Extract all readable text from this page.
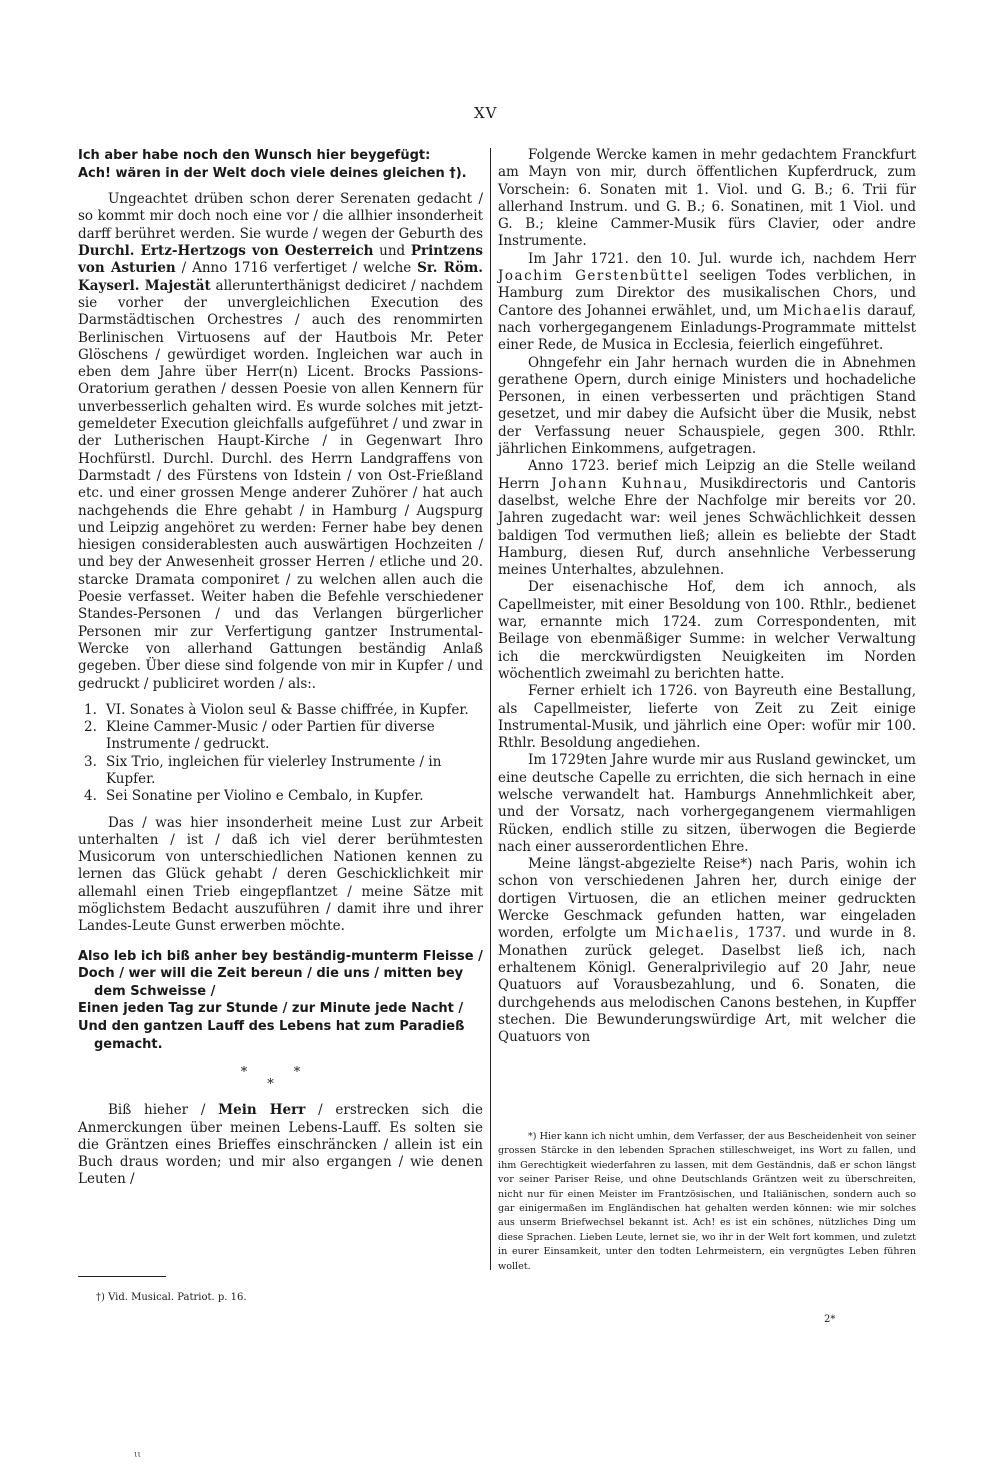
XV

Ich aber habe noch den Wunsch hier beygefügt:

Ach! wären in der Welt doch viele deines gleichen †).

Ungeachtet drüben schon derer Serenaten gedacht / so kommt mir doch noch eine vor / die allhier insonderheit darff berühret werden. Sie wurde / wegen der Geburth des Durchl. Ertz-Hertzogs von Oesterreich und Printzens von Asturien / Anno 1716 verfertiget / welche Sr. Röm. Kayserl. Majestät allerunterthänigst dediciret / nachdem sie vorher der unvergleichlichen Execution des Darmstädtischen Orchestres / auch des renommirten Berlinischen Virtuosens auf der Hautbois Mr. Peter Glöschens / gewürdiget worden. Ingleichen war auch in eben dem Jahre über Herr(n) Licent. Brocks Passions-Oratorium gerathen / dessen Poesie von allen Kennern für unverbesserlich gehalten wird. Es wurde solches mit jetzt-gemeldeter Execution gleichfalls aufgeführet / und zwar in der Lutherischen Haupt-Kirche / in Gegenwart Ihro Hochfürstl. Durchl. Durchl. des Herrn Landgraffens von Darmstadt / des Fürstens von Idstein / von Ost-Frießland etc. und einer grossen Menge anderer Zuhörer / hat auch nachgehends die Ehre gehabt / in Hamburg / Augspurg und Leipzig angehöret zu werden: Ferner habe bey denen hiesigen considerablesten auch auswärtigen Hochzeiten / und bey der Anwesenheit grosser Herren / etliche und 20. starcke Dramata componiret / zu welchen allen auch die Poesie verfasset. Weiter haben die Befehle verschiedener Standes-Personen / und das Verlangen bürgerlicher Personen mir zur Verfertigung gantzer Instrumental-Wercke von allerhand Gattungen beständig Anlaß gegeben. Über diese sind folgende von mir in Kupfer / und gedruckt / publiciret worden / als:.

1. VI. Sonates à Violon seul & Basse chiffrée, in Kupfer.
2. Kleine Cammer-Music / oder Partien für diverse Instrumente / gedruckt.
3. Six Trio, ingleichen für vielerley Instrumente / in Kupfer.
4. Sei Sonatine per Violino e Cembalo, in Kupfer.

Das / was hier insonderheit meine Lust zur Arbeit unterhalten / ist / daß ich viel derer berühmtesten Musicorum von unterschiedlichen Nationen kennen zu lernen das Glück gehabt / deren Geschicklichkeit mir allemahl einen Trieb eingepflantzet / meine Sätze mit möglichstem Bedacht auszuführen / damit ihre und ihrer Landes-Leute Gunst erwerben möchte.

Also leb ich biß anher bey beständig-munterm Fleisse /

Doch / wer will die Zeit bereun / die uns / mitten bey

dem Schweisse /

Einen jeden Tag zur Stunde / zur Minute jede Nacht /

Und den gantzen Lauff des Lebens hat zum Paradieß

gemacht.

***

Biß hieher / Mein Herr / erstrecken sich die Anmerckungen über meinen Lebens-Lauff. Es solten sie die Gräntzen eines Brieffes einschräncken / allein ist ein Buch draus worden; und mir also ergangen / wie denen Leuten /

†) Vid. Musical. Patriot. p. 16.

Folgende Wercke kamen in mehr gedachtem Franckfurt am Mayn von mir, durch öffentlichen Kupferdruck, zum Vorschein: 6. Sonaten mit 1. Viol. und G. B.; 6. Trii für allerhand Instrum. und G. B.; 6. Sonatinen, mit 1 Viol. und G. B.; kleine Cammer-Musik fürs Clavier, oder andre Instrumente.

Im Jahr 1721. den 10. Jul. wurde ich, nachdem Herr Joachim Gerstenbüttel seeligen Todes verblichen, in Hamburg zum Direktor des musikalischen Chors, und Cantore des Johannei erwählet, und, um Michaelis darauf, nach vorhergegangenem Einladungs-Programmate mittelst einer Rede, de Musica in Ecclesia, feierlich eingeführet.

Ohngefehr ein Jahr hernach wurden die in Abnehmen gerathene Opern, durch einige Ministers und hochadeliche Personen, in einen verbesserten und prächtigen Stand gesetzet, und mir dabey die Aufsicht über die Musik, nebst der Verfassung neuer Schauspiele, gegen 300. Rthlr. jährlichen Einkommens, aufgetragen.

Anno 1723. berief mich Leipzig an die Stelle weiland Herrn Johann Kuhnau, Musikdirectoris und Cantoris daselbst, welche Ehre der Nachfolge mir bereits vor 20. Jahren zugedacht war: weil jenes Schwächlichkeit dessen baldigen Tod vermuthen ließ; allein es beliebte der Stadt Hamburg, diesen Ruf, durch ansehnliche Verbesserung meines Unterhaltes, abzulehnen.

Der eisenachische Hof, dem ich annoch, als Capellmeister, mit einer Besoldung von 100. Rthlr., bedienet war, ernannte mich 1724. zum Correspondenten, mit Beilage von ebenmäßiger Summe: in welcher Verwaltung ich die merckwürdigsten Neuigkeiten im Norden wöchentlich zweimahl zu berichten hatte.

Ferner erhielt ich 1726. von Bayreuth eine Bestallung, als Capellmeister, lieferte von Zeit zu Zeit einige Instrumental-Musik, und jährlich eine Oper: wofür mir 100. Rthlr. Besoldung angediehen.

Im 1729ten Jahre wurde mir aus Rusland gewincket, um eine deutsche Capelle zu errichten, die sich hernach in eine welsche verwandelt hat. Hamburgs Annehmlichkeit aber, und der Vorsatz, nach vorhergegangenem viermahligen Rücken, endlich stille zu sitzen, überwogen die Begierde nach einer ausserordentlichen Ehre.

Meine längst-abgezielte Reise*) nach Paris, wohin ich schon von verschiedenen Jahren her, durch einige der dortigen Virtuosen, die an etlichen meiner gedruckten Wercke Geschmack gefunden hatten, war eingeladen worden, erfolgte um Michaelis, 1737. und wurde in 8. Monathen zurück geleget. Daselbst ließ ich, nach erhaltenem Königl. Generalprivilegio auf 20 Jahr, neue Quatuors auf Vorausbezahlung, und 6. Sonaten, die durchgehends aus melodischen Canons bestehen, in Kupffer stechen. Die Bewunderungswürdige Art, mit welcher die Quatuors von

*) Hier kann ich nicht umhin, dem Verfasser, der aus Bescheidenheit von seiner grossen Stärcke in den lebenden Sprachen stilleschweiget, ins Wort zu fallen, und ihm Gerechtigkeit wiederfahren zu lassen, mit dem Geständnis, daß er schon längst vor seiner Pariser Reise, und ohne Deutschlands Gräntzen weit zu überschreiten, nicht nur für einen Meister im Frantzösischen, und Italiänischen, sondern auch so gar einigermaßen im Engländischen hat gehalten werden können: wie mir solches aus unserm Briefwechsel bekannt ist. Ach! es ist ein schönes, nützliches Ding um diese Sprachen. Lieben Leute, lernet sie, wo ihr in der Welt fort kommen, und zuletzt in eurer Einsamkeit, unter den todten Lehrmeistern, ein vergnügtes Leben führen wollet.

2*
ιι
